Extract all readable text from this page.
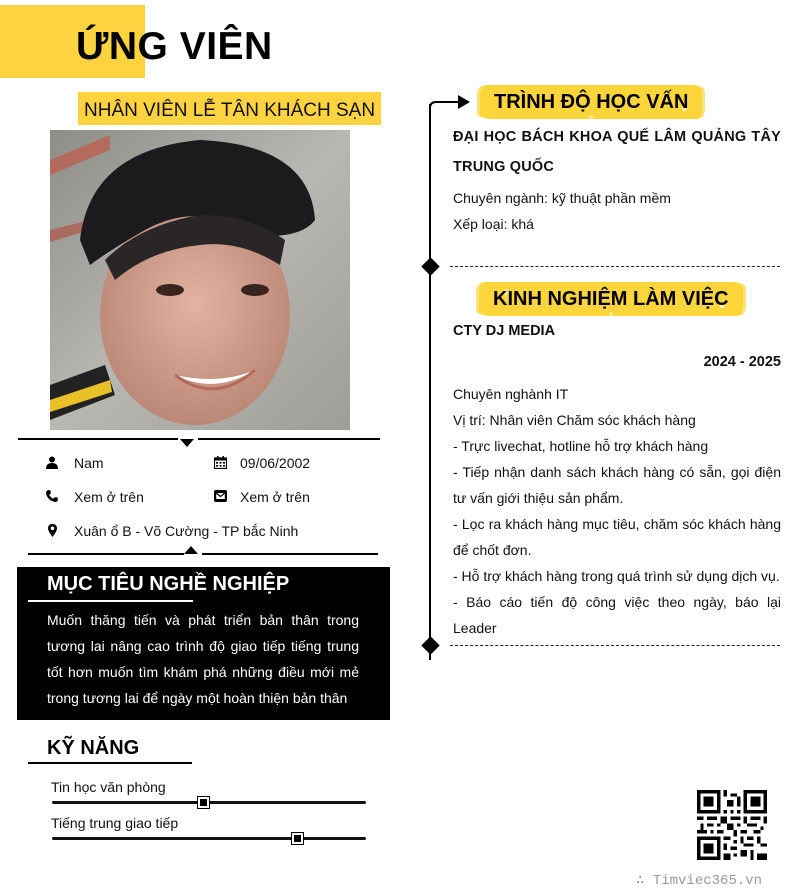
ỨNG VIÊN
NHÂN VIÊN LỄ TÂN KHÁCH SẠN
Nam	09/06/2002
Xem ở trên	Xem ở trên
Xuân ổ B - Võ Cường - TP bắc Ninh
MỤC TIÊU NGHỀ NGHIỆP
Muốn thăng tiến và phát triển bản thân trong tương lai nâng cao trình độ giao tiếp tiếng trung tốt hơn muốn tìm khám phá những điều mới mẻ trong tương lai để ngày một hoàn thiện bản thân
KỸ NĂNG
Tin học văn phòng
Tiếng trung giao tiếp
TRÌNH ĐỘ HỌC VẤN
ĐẠI HỌC BÁCH KHOA QUẾ LÂM QUẢNG TÂY TRUNG QUỐC
Chuyên ngành: kỹ thuật phần mềm
Xếp loại: khá
KINH NGHIỆM LÀM VIỆC
CTY DJ MEDIA
2024 - 2025
Chuyên nghành IT
Vị trí: Nhân viên Chăm sóc khách hàng
- Trực livechat, hotline hỗ trợ khách hàng
- Tiếp nhận danh sách khách hàng có sẵn, gọi điện tư vấn giới thiệu sản phẩm.
- Lọc ra khách hàng mục tiêu, chăm sóc khách hàng để chốt đơn.
- Hỗ trợ khách hàng trong quá trình sử dụng dịch vụ.
- Báo cáo tiến độ công việc theo ngày, báo lại Leader
∴ Timviec365.vn
